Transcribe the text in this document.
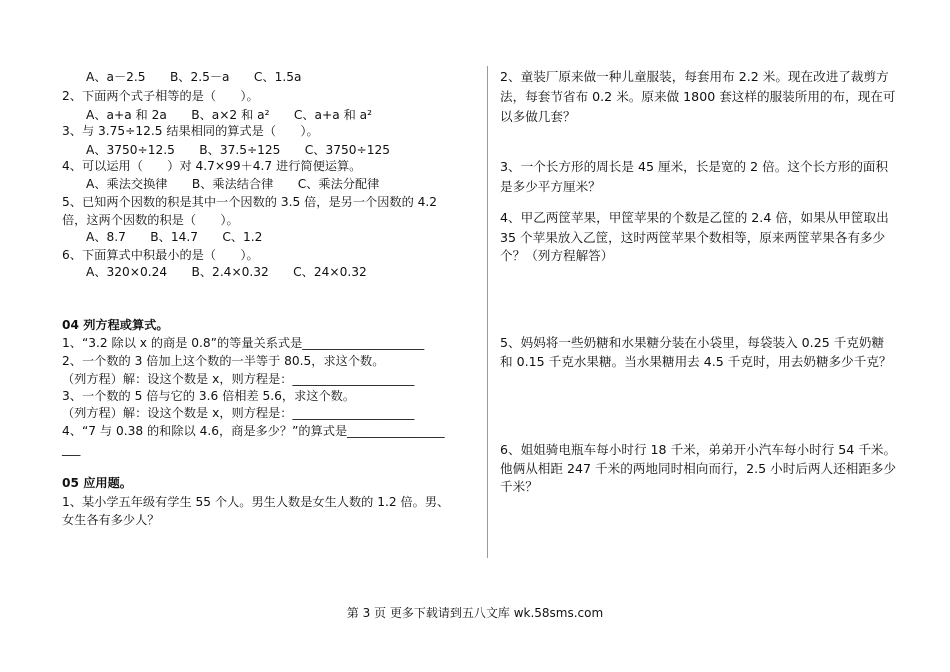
A、a－2.5　　B、2.5－a　　C、1.5a
2、下面两个式子相等的是（　　）。
A、a+a 和 2a　　B、a×2 和 a²　　C、a+a 和 a²
3、与 3.75÷12.5 结果相同的算式是（　　）。
A、3750÷12.5　　B、37.5÷125　　C、3750÷125
4、可以运用（　　）对 4.7×99＋4.7 进行简便运算。
A、乘法交换律　　B、乘法结合律　　C、乘法分配律
5、已知两个因数的积是其中一个因数的 3.5 倍，是另一个因数的 4.2
倍，这两个因数的积是（　　）。
A、8.7　　B、14.7　　C、1.2
6、下面算式中积最小的是（　　）。
A、320×0.24　　B、2.4×0.32　　C、24×0.32
04 列方程或算式。
1、“3.2 除以 x 的商是 0.8”的等量关系式是____________________
2、一个数的 3 倍加上这个数的一半等于 80.5，求这个数。
（列方程）解：设这个数是 x，则方程是：____________________
3、一个数的 5 倍与它的 3.6 倍相差 5.6，求这个数。
（列方程）解：设这个数是 x，则方程是：____________________
4、“7 与 0.38 的和除以 4.6，商是多少？”的算式是________________
___
05 应用题。
1、某小学五年级有学生 55 个人。男生人数是女生人数的 1.2 倍。男、
女生各有多少人？
2、童装厂原来做一种儿童服装，每套用布 2.2 米。现在改进了裁剪方
法，每套节省布 0.2 米。原来做 1800 套这样的服装所用的布，现在可
以多做几套？
3、一个长方形的周长是 45 厘米，长是宽的 2 倍。这个长方形的面积
是多少平方厘米？
4、甲乙两筐苹果，甲筐苹果的个数是乙筐的 2.4 倍，如果从甲筐取出
35 个苹果放入乙筐，这时两筐苹果个数相等，原来两筐苹果各有多少
个？（列方程解答）
5、妈妈将一些奶糖和水果糖分装在小袋里，每袋装入 0.25 千克奶糖
和 0.15 千克水果糖。当水果糖用去 4.5 千克时，用去奶糖多少千克？
6、姐姐骑电瓶车每小时行 18 千米，弟弟开小汽车每小时行 54 千米。
他俩从相距 247 千米的两地同时相向而行，2.5 小时后两人还相距多少
千米？
第 3 页 更多下载请到五八文库 wk.58sms.com
